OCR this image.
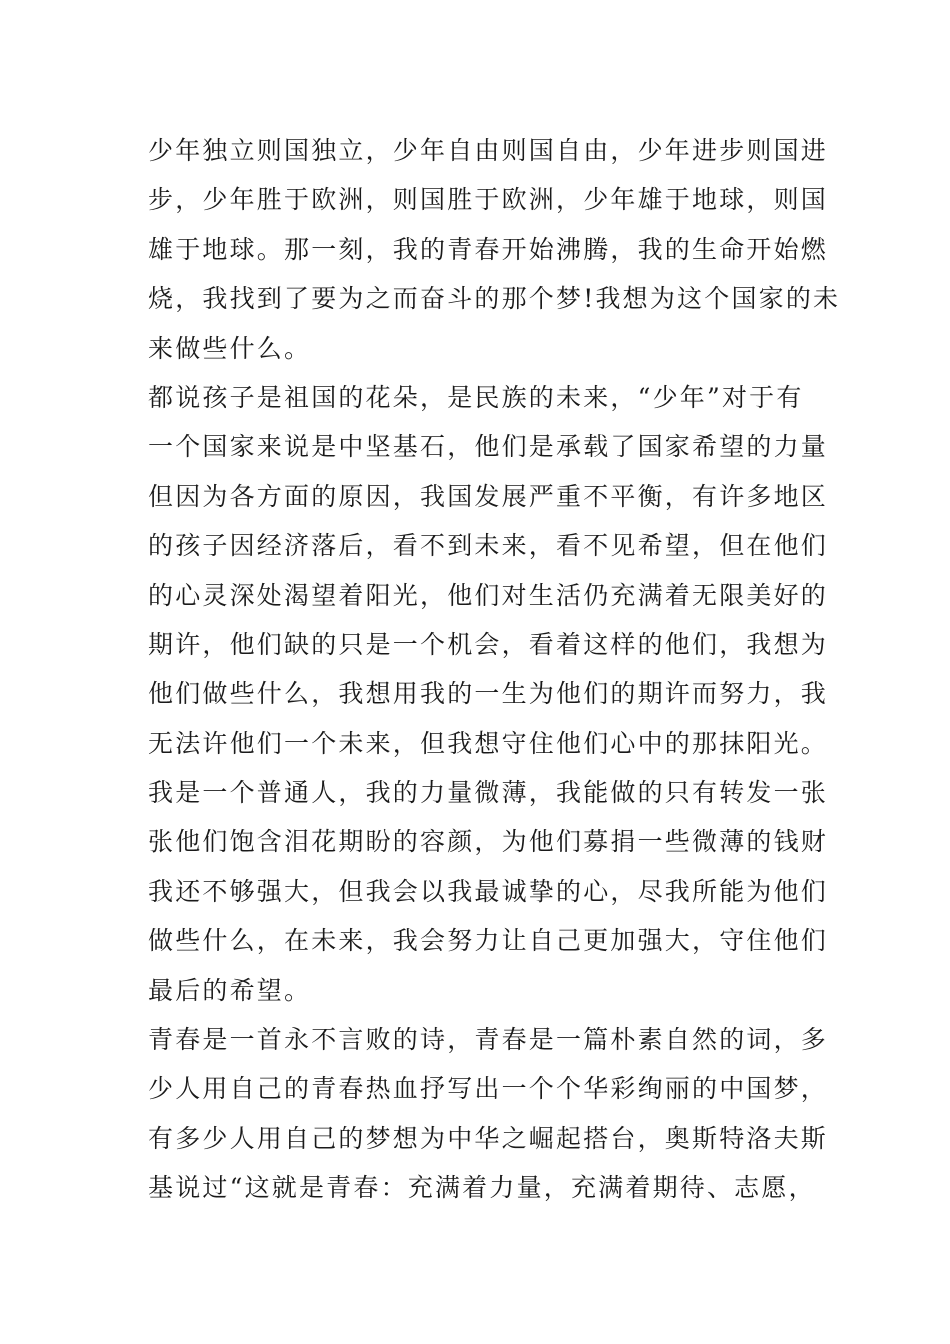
少年独立则国独立，少年自由则国自由，少年进步则国进
步，少年胜于欧洲，则国胜于欧洲，少年雄于地球，则国
雄于地球。那一刻，我的青春开始沸腾，我的生命开始燃
烧，我找到了要为之而奋斗的那个梦!我想为这个国家的未
来做些什么。
都说孩子是祖国的花朵，是民族的未来，“少年”对于有
一个国家来说是中坚基石，他们是承载了国家希望的力量
但因为各方面的原因，我国发展严重不平衡，有许多地区
的孩子因经济落后，看不到未来，看不见希望，但在他们
的心灵深处渴望着阳光，他们对生活仍充满着无限美好的
期许，他们缺的只是一个机会，看着这样的他们，我想为
他们做些什么，我想用我的一生为他们的期许而努力，我
无法许他们一个未来，但我想守住他们心中的那抹阳光。
我是一个普通人，我的力量微薄，我能做的只有转发一张
张他们饱含泪花期盼的容颜，为他们募捐一些微薄的钱财
我还不够强大，但我会以我最诚挚的心，尽我所能为他们
做些什么，在未来，我会努力让自己更加强大，守住他们
最后的希望。
青春是一首永不言败的诗，青春是一篇朴素自然的词，多
少人用自己的青春热血抒写出一个个华彩绚丽的中国梦，
有多少人用自己的梦想为中华之崛起搭台，奥斯特洛夫斯
基说过“这就是青春：充满着力量，充满着期待、志愿，
